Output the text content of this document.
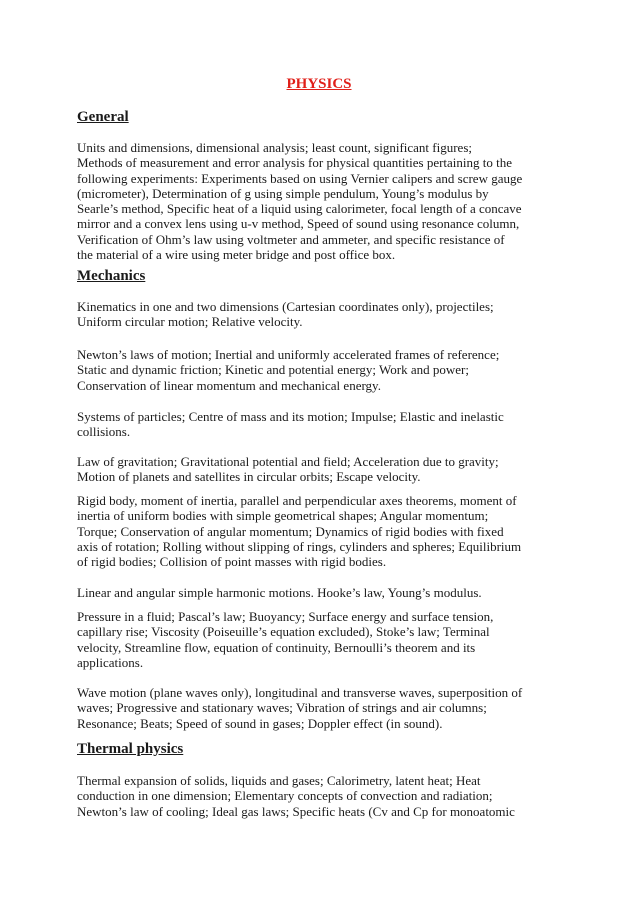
PHYSICS
General
Units and dimensions, dimensional analysis; least count, significant figures;
Methods of measurement and error analysis for physical quantities pertaining to the
following experiments: Experiments based on using Vernier calipers and screw gauge
(micrometer), Determination of g using simple pendulum, Young’s modulus by
Searle’s method, Specific heat of a liquid using calorimeter, focal length of a concave
mirror and a convex lens using u-v method, Speed of sound using resonance column,
Verification of Ohm’s law using voltmeter and ammeter, and specific resistance of
the material of a wire using meter bridge and post office box.
Mechanics
Kinematics in one and two dimensions (Cartesian coordinates only), projectiles;
Uniform circular motion; Relative velocity.
Newton’s laws of motion; Inertial and uniformly accelerated frames of reference;
Static and dynamic friction; Kinetic and potential energy; Work and power;
Conservation of linear momentum and mechanical energy.
Systems of particles; Centre of mass and its motion; Impulse; Elastic and inelastic
collisions.
Law of gravitation; Gravitational potential and field; Acceleration due to gravity;
Motion of planets and satellites in circular orbits; Escape velocity.
Rigid body, moment of inertia, parallel and perpendicular axes theorems, moment of
inertia of uniform bodies with simple geometrical shapes; Angular momentum;
Torque; Conservation of angular momentum; Dynamics of rigid bodies with fixed
axis of rotation; Rolling without slipping of rings, cylinders and spheres; Equilibrium
of rigid bodies; Collision of point masses with rigid bodies.
Linear and angular simple harmonic motions. Hooke’s law, Young’s modulus.
Pressure in a fluid; Pascal’s law; Buoyancy; Surface energy and surface tension,
capillary rise; Viscosity (Poiseuille’s equation excluded), Stoke’s law; Terminal
velocity, Streamline flow, equation of continuity, Bernoulli’s theorem and its
applications.
Wave motion (plane waves only), longitudinal and transverse waves, superposition of
waves; Progressive and stationary waves; Vibration of strings and air columns;
Resonance; Beats; Speed of sound in gases; Doppler effect (in sound).
Thermal physics
Thermal expansion of solids, liquids and gases; Calorimetry, latent heat; Heat
conduction in one dimension; Elementary concepts of convection and radiation;
Newton’s law of cooling; Ideal gas laws; Specific heats (Cv and Cp for monoatomic
